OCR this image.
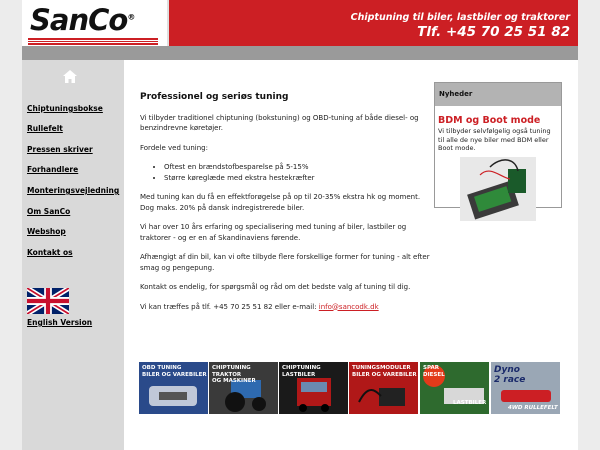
SanCo®	Chiptuning til biler, lastbiler og traktorer
Tlf. +45 70 25 51 82
Chiptuningsbokse
Rullefelt
Pressen skriver
Forhandlere
Monteringsvejledning
Om SanCo
Webshop
Kontakt os
English Version
Professionel og seriøs tuning

Vi tilbyder traditionel chiptuning (bokstuning) og OBD-tuning af både diesel- og benzindrevne køretøjer.

Fordele ved tuning:

• Oftest en brændstofbesparelse på 5-15%
• Større køreglæde med ekstra hestekræfter

Med tuning kan du få en effektforøgelse på op til 20-35% ekstra hk og moment. Dog maks. 20% på dansk indregistrerede biler.

Vi har over 10 års erfaring og specialisering med tuning af biler, lastbiler og traktorer - og er en af Skandinaviens førende.

Afhængigt af din bil, kan vi ofte tilbyde flere forskellige former for tuning - alt efter smag og pengepung.

Kontakt os endelig, for spørgsmål og råd om det bedste valg af tuning til dig.

Vi kan træffes på tlf. +45 70 25 51 82 eller e-mail: info@sancodk.dk

Nyheder
BDM og Boot mode
Vi tilbyder selvfølgelig også tuning til alle de nye biler med BDM eller Boot mode.
OBD TUNING
BILER OG VAREBILER
CHIPTUNING
TRAKTOR
OG MASKINER
CHIPTUNING
LASTBILER
TUNINGSMODULER
BILER OG VAREBILER
SPAR
DIESEL
LASTBILER
Dyno
2 race
4WD RULLEFELT
